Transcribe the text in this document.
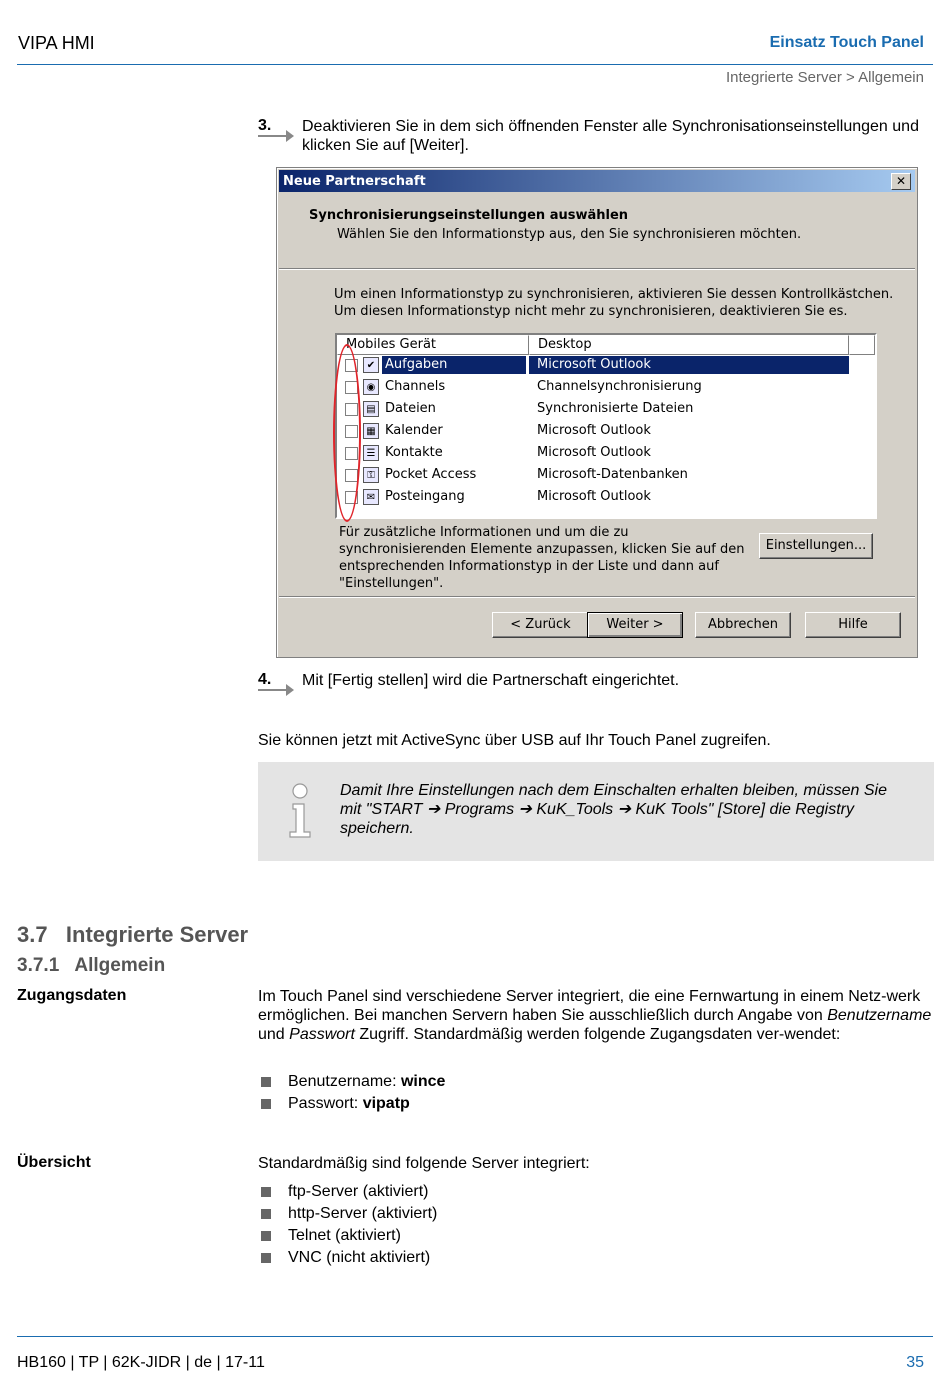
VIPA HMI	Einsatz Touch Panel
Integrierte Server > Allgemein
3.	Deaktivieren Sie in dem sich öffnenden Fenster alle Synchronisationseinstellungen und klicken Sie auf [Weiter].
Neue Partnerschaft	✕
Synchronisierungseinstellungen auswählen
Wählen Sie den Informationstyp aus, den Sie synchronisieren möchten.
Um einen Informationstyp zu synchronisieren, aktivieren Sie dessen Kontrollkästchen. Um diesen Informationstyp nicht mehr zu synchronisieren, deaktivieren Sie es.
Mobiles Gerät	Desktop
✔ Aufgaben	Microsoft Outlook
◉ Channels	Channelsynchronisierung
▤ Dateien	Synchronisierte Dateien
▦ Kalender	Microsoft Outlook
☰ Kontakte	Microsoft Outlook
⚿ Pocket Access	Microsoft-Datenbanken
✉ Posteingang	Microsoft Outlook
Für zusätzliche Informationen und um die zu synchronisierenden Elemente anzupassen, klicken Sie auf den entsprechenden Informationstyp in der Liste und dann auf "Einstellungen".
Einstellungen...
< Zurück	Weiter >	Abbrechen	Hilfe
4.	Mit [Fertig stellen] wird die Partnerschaft eingerichtet.
Sie können jetzt mit ActiveSync über USB auf Ihr Touch Panel zugreifen.
Damit Ihre Einstellungen nach dem Einschalten erhalten bleiben, müssen Sie mit "START ➔ Programs ➔ KuK_Tools ➔ KuK Tools" [Store] die Registry speichern.
3.7   Integrierte Server
3.7.1   Allgemein
Zugangsdaten	Im Touch Panel sind verschiedene Server integriert, die eine Fernwartung in einem Netz-werk ermöglichen. Bei manchen Servern haben Sie ausschließlich durch Angabe von Benutzername und Passwort Zugriff. Standardmäßig werden folgende Zugangsdaten ver-wendet:
Benutzername: wince
Passwort: vipatp
Übersicht	Standardmäßig sind folgende Server integriert:
ftp-Server (aktiviert)
http-Server (aktiviert)
Telnet (aktiviert)
VNC (nicht aktiviert)
HB160 | TP | 62K-JIDR | de | 17-11	35
